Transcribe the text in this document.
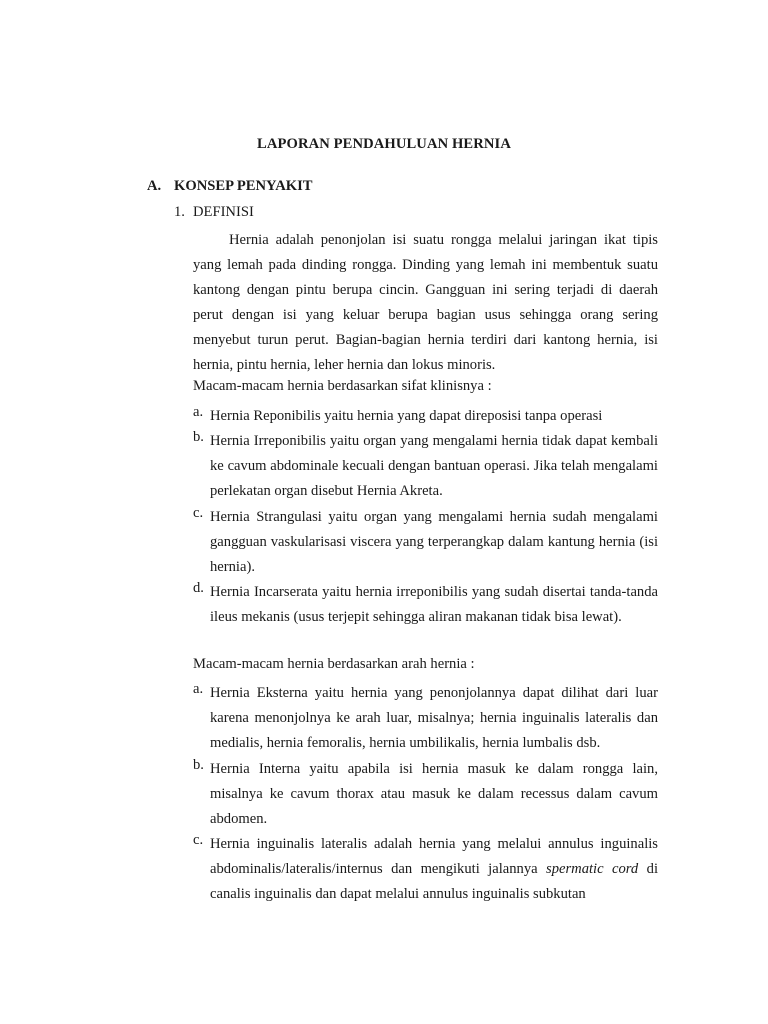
LAPORAN PENDAHULUAN HERNIA
A. KONSEP PENYAKIT
1. DEFINISI

Hernia adalah penonjolan isi suatu rongga melalui jaringan ikat tipis yang lemah pada dinding rongga. Dinding yang lemah ini membentuk suatu kantong dengan pintu berupa cincin. Gangguan ini sering terjadi di daerah perut dengan isi yang keluar berupa bagian usus sehingga orang sering menyebut turun perut. Bagian-bagian hernia terdiri dari kantong hernia, isi hernia, pintu hernia, leher hernia dan lokus minoris.

Macam-macam hernia berdasarkan sifat klinisnya :
a. Hernia Reponibilis yaitu hernia yang dapat direposisi tanpa operasi
b. Hernia Irreponibilis yaitu organ yang mengalami hernia tidak dapat kembali ke cavum abdominale kecuali dengan bantuan operasi. Jika telah mengalami perlekatan organ disebut Hernia Akreta.
c. Hernia Strangulasi yaitu organ yang mengalami hernia sudah mengalami gangguan vaskularisasi viscera yang terperangkap dalam kantung hernia (isi hernia).
d. Hernia Incarserata yaitu hernia irreponibilis yang sudah disertai tanda-tanda ileus mekanis (usus terjepit sehingga aliran makanan tidak bisa lewat).
Macam-macam hernia berdasarkan arah hernia :
a. Hernia Eksterna yaitu hernia yang penonjolannya dapat dilihat dari luar karena menonjolnya ke arah luar, misalnya; hernia inguinalis lateralis dan medialis, hernia femoralis, hernia umbilikalis, hernia lumbalis dsb.
b. Hernia Interna yaitu apabila isi hernia masuk ke dalam rongga lain, misalnya ke cavum thorax atau masuk ke dalam recessus dalam cavum abdomen.
c. Hernia inguinalis lateralis adalah hernia yang melalui annulus inguinalis abdominalis/lateralis/internus dan mengikuti jalannya spermatic cord di canalis inguinalis dan dapat melalui annulus inguinalis subkutan
